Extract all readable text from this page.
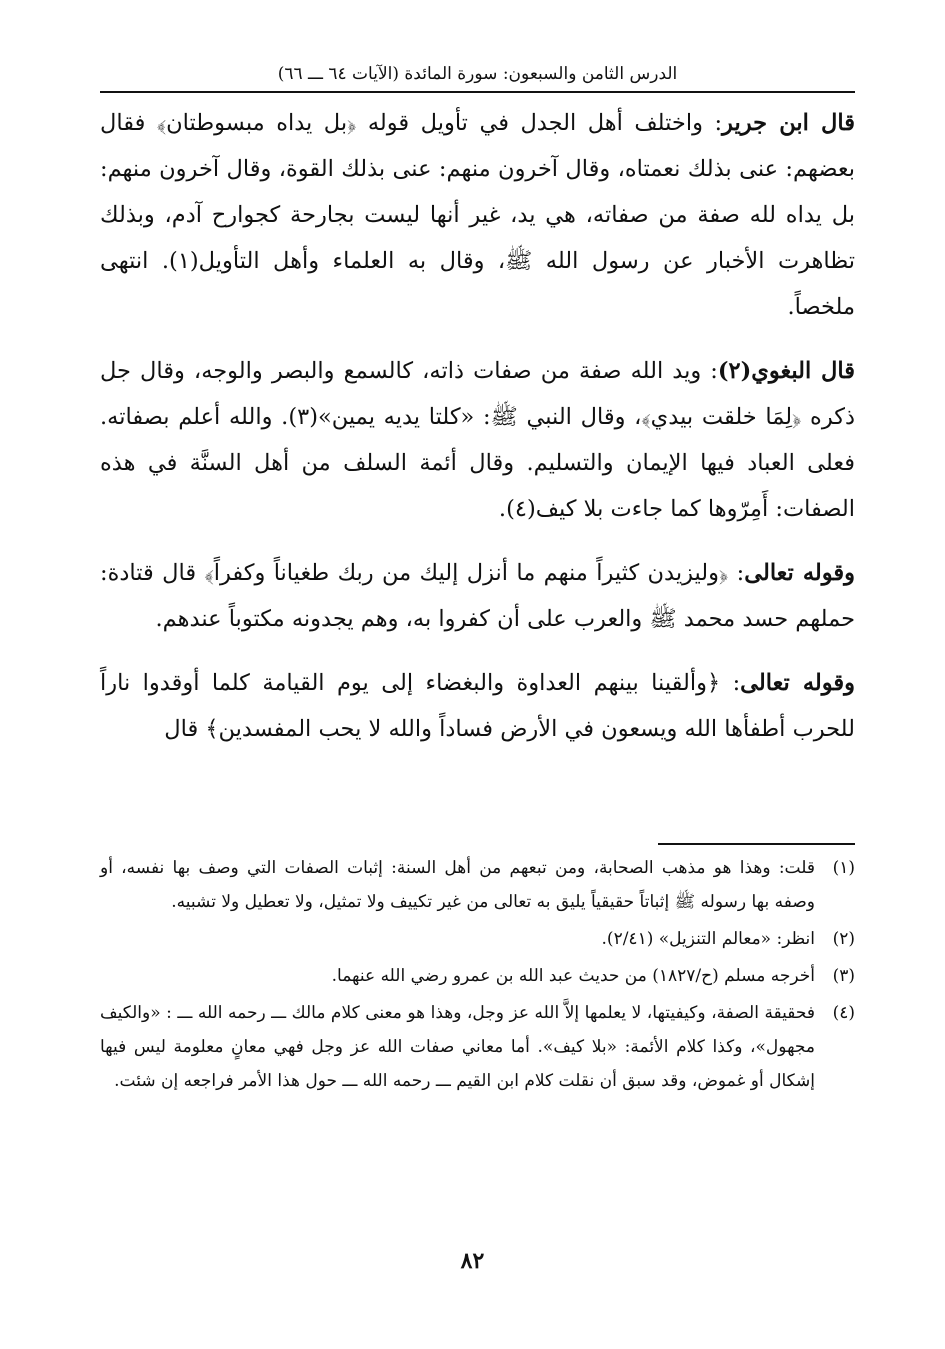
الدرس الثامن والسبعون: سورة المائدة (الآيات ٦٤ ـــ ٦٦)

قال ابن جرير: واختلف أهل الجدل في تأويل قوله ﴿بل يداه مبسوطتان﴾ فقال بعضهم: عنى بذلك نعمتاه، وقال آخرون منهم: عنى بذلك القوة، وقال آخرون منهم: بل يداه لله صفة من صفاته، هي يد، غير أنها ليست بجارحة كجوارح آدم، وبذلك تظاهرت الأخبار عن رسول الله ﷺ، وقال به العلماء وأهل التأويل(١). انتهى ملخصاً.

قال البغوي(٢): ويد الله صفة من صفات ذاته، كالسمع والبصر والوجه، وقال جل ذكره ﴿لِمَا خلقت بيدي﴾، وقال النبي ﷺ: «كلتا يديه يمين»(٣). والله أعلم بصفاته. فعلى العباد فيها الإيمان والتسليم. وقال أئمة السلف من أهل السنَّة في هذه الصفات: أَمِرّوها كما جاءت بلا كيف(٤).

وقوله تعالى: ﴿وليزيدن كثيراً منهم ما أنزل إليك من ربك طغياناً وكفراً﴾ قال قتادة: حملهم حسد محمد ﷺ والعرب على أن كفروا به، وهم يجدونه مكتوباً عندهم.

وقوله تعالى: ﴿وألقينا بينهم العداوة والبغضاء إلى يوم القيامة كلما أوقدوا ناراً للحرب أطفأها الله ويسعون في الأرض فساداً والله لا يحب المفسدين﴾ قال

(١)
قلت: وهذا هو مذهب الصحابة، ومن تبعهم من أهل السنة: إثبات الصفات التي وصف بها نفسه، أو وصفه بها رسوله ﷺ إثباتاً حقيقياً يليق به تعالى من غير تكييف ولا تمثيل، ولا تعطيل ولا تشبيه.
(٢)
انظر: «معالم التنزيل» (٢/٤١).
(٣)
أخرجه مسلم (ح/١٨٢٧) من حديث عبد الله بن عمرو رضي الله عنهما.
(٤)
فحقيقة الصفة، وكيفيتها، لا يعلمها إلاَّ الله عز وجل، وهذا هو معنى كلام مالك ـــ رحمه الله ـــ : «والكيف مجهول»، وكذا كلام الأئمة: «بلا كيف». أما معاني صفات الله عز وجل فهي معانٍ معلومة ليس فيها إشكال أو غموض، وقد سبق أن نقلت كلام ابن القيم ـــ رحمه الله ـــ حول هذا الأمر فراجعه إن شئت.
٨٢
